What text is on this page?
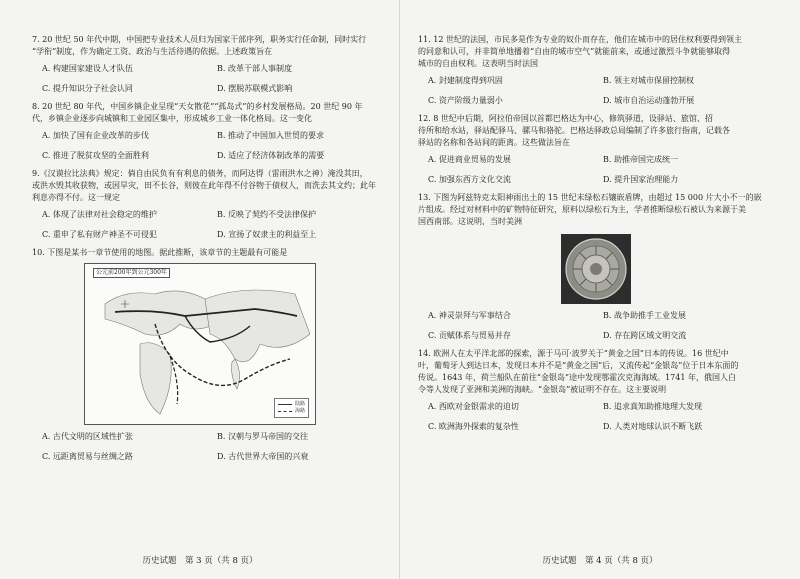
7. 20 世纪 50 年代中期，中国把专业技术人员归为国家干部序列，职务实行任命制，同时实行
“学衔”制度，作为确定工资、政治与生活待遇的依据。上述政策旨在

A. 构建国家建设人才队伍	B. 改革干部人事制度
C. 提升知识分子社会认同	D. 摆脱苏联模式影响

8. 20 世纪 80 年代，中国乡镇企业呈现“天女散花”“孤岛式”的乡村发展格局。20 世纪 90 年
代，乡镇企业逐步向城镇和工业园区集中，形成城乡工业一体化格局。这一变化

A. 加快了国有企业改革的步伐	B. 推动了中国加入世贸的要求
C. 推进了脱贫攻坚的全面胜利	D. 适应了经济体制改革的需要

9.《汉谟拉比法典》规定：倘自由民负有有利息的债务，而阿达得（雷雨洪水之神）淹没其田，
或洪水毁其收获物，或因旱灾，田不长谷，则彼在此年得不付谷物于债权人，而洗去其文约；此年
利息亦得不付。这一规定

A. 体现了法律对社会稳定的维护	B. 反映了契约不受法律保护
C. 重申了私有财产神圣不可侵犯	D. 宣扬了奴隶主的利益至上

10. 下图是某书一章节使用的地图。据此推断，该章节的主题最有可能是

公元前200年到公元300年
陆路
海路
A. 古代文明的区域性扩张	B. 汉朝与罗马帝国的交往
C. 远距离贸易与丝绸之路	D. 古代世界大帝国的兴衰
历史试题　第 3 页（共 8 页）

11. 12 世纪的法国，市民多是作为专业的奴仆而存在，他们在城市中的居住权利要得到领主
的同意和认可，并非简单地播着“自由的城市空气”就能前来，或通过激烈斗争就能够取得
城市的自由权利。这表明当时法国

A. 封建制度得到巩固	B. 领主对城市保留控制权
C. 资产阶级力量弱小	D. 城市自治运动蓬勃开展

12. 8 世纪中后期，阿拉伯帝国以首都巴格达为中心，修筑驿道，设驿站、旅馆、招
待所和给水站，驿站配驿马、骡马和骆驼。巴格达驿政总局编制了许多旅行指南，记载各
驿站的名称和各站间的距离。这些做法旨在

A. 促进商业贸易的发展	B. 助推帝国完成统一
C. 加强东西方文化交流	D. 提升国家治理能力

13. 下图为阿兹特克太阳神雨出土的 15 世纪末绿松石镶嵌盾牌，由超过 15 000 片大小不一的嵌
片组成。经过对材料中的矿物特征研究，原料以绿松石为主，学者推断绿松石被认为来源于美
国西南部。这说明，当时美洲

A. 神灵崇拜与军事结合	B. 战争助推手工业发展
C. 贡赋体系与贸易并存	D. 存在跨区域文明交流

14. 欧洲人在太平洋北部的探索，源于马可·波罗关于“黄金之国”日本的传说。16 世纪中
叶，葡萄牙人到达日本，发现日本并不是“黄金之国”后，又流传起“金银岛”位于日本东面的
传说。1643 年，荷兰船队在前往“金银岛”途中发现鄂霍次克海海域。1741 年，俄国人白
令等人发现了亚洲和美洲的海峡。“金银岛”被证明不存在。这主要说明

A. 西欧对金银需求的迫切	B. 追求真知助推地理大发现
C. 欧洲海外探索的复杂性	D. 人类对地球认识不断飞跃
历史试题　第 4 页（共 8 页）
